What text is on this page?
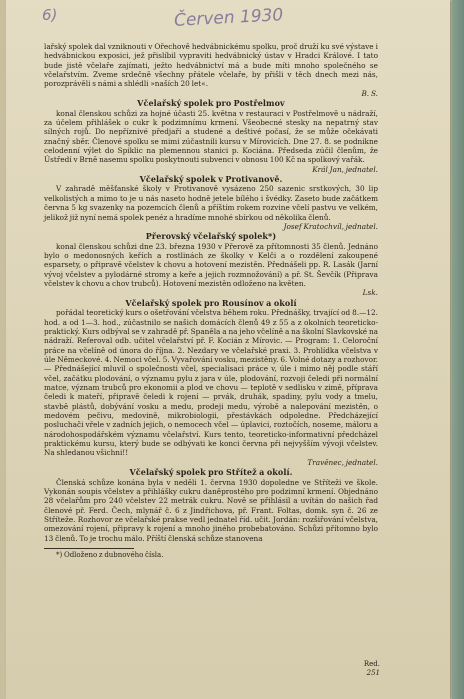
6)	Červen 1930

lařský spolek dal vzniknouti v Ořechově hedvábnickému spolku, proč druží ku své výstave i hedvábnickou exposici, jež přislíbil vypraviti hedvábnický ústav v Hradci Králové. I tato bude jistě včelaře zajímati, ježto hedvábnictví má a bude míti mnoho společného se včelařstvím. Zveme srdečně všechny přátele včelaře, by přišli v těch dnech mezi nás, porozprávěli s námi a shlédli »naších 20 let«.

B. S.

Včelařský spolek pro Postřelmov

konal členskou schůzi za hojné účasti 25. května v restauraci v Postřelmově u nádraží, za účelem přihlášek o cukr k podzimnímu krmení. Všeobecné stesky na nepatrný stav sílných rojů. Do nepříznivé předjaří a studené a deštivé počasí, že se může očekávati značný sběr. Členové spolku se mimi zúčastnili kursu v Mírovicích. Dne 27. 8. se podnikne celodenní výlet do Spiklic na plemennou stanici p. Kociána. Předseda zúčil členům, že Ústředí v Brně nasemu spolku poskytnouti subvenci v obnosu 100 Kč na spolkový vařák.

Král Jan, jednatel.

Včelařský spolek v Protivanově.

V zahradě měšťanské školy v Protivanově vysázeno 250 sazenic srstkových, 30 lip velkolistých a mimo to je u nás naseto hodně jetele bílého i švédky. Zaseto bude začátkem června 5 kg svazenky na pozemcích členů a příštím rokem rozvine včelí pastvu ve velkém, jelikož již nyní nemá spolek penéz a hradíme mnohé sbírkou od několika členů.

Josef Kratochvíl, jednatel.

Přerovský včelařský spolek*)

konal členskou schůzi dne 23. března 1930 v Přerově za přítomnosti 35 členů. Jednáno bylo o medonosných keřích a rostlinách ze školky v Kelči a o rozdělení zakoupené esparsety, o připravě včelstev k chovu a hotovení mezistěn. Přednášeli pp. R. Lasák (Jarní vývoj včelstev a pylodárné stromy a keře a jejich rozmnožování) a př. St. Ševčík (Připrava včelstev k chovu a chov trubců). Hotovení mezistěn odloženo na květen.

Lsk.

Včelařský spolek pro Rousínov a okolí

pořádal teoretický kurs o ošetřování včelstva během roku. Přednášky, trvající od 8.—12. hod. a od 1—3. hod., zúčastnilo se našich domácích členů 49 z 55 a z okolních teoreticko-praktický. Kurs odbýval se v zahradě př. Spaněla a na jeho včelíně a na školní Slavkovské na nádraží. Referoval odb. učitel včelařství př. F. Kocián z Mírovic. — Program: 1. Celoroční práce na včelíně od února do října. 2. Nezdary ve včelařské praxi. 3. Prohlídka včelstva v úle Německové. 4. Nemoci včel. 5. Vyvařování vosku, mezistěny. 6. Volné dotazy a rozhovor. — Přednášející mluvil o společnosti včel, specialisaci práce v, úle i mimo něj podle stáří včel, začátku plodování, o významu pylu z jara v úle, plodování, rozvoji čeledi při normální matce, význam trubců pro ekonomii a plod ve chovu — teplotě v sedlisku v zimě, příprava čeledi k mateří, připravě čeledi k rojení — prvák, druhák, spadiny, pylu vody a tmelu, stavbě plástů, dobývání vosku a medu, prodeji medu, výrobě a nalepování mezistěn, o medovém pečivu, medovině, mikrobiologii, přestávkách odpoledne. Předcházející posluchači vřele v zadních jejich, o nemocech včel — úplavici, roztočích, noseme, máloru a národohospodářském významu včelařství. Kurs tento, teoreticko-informativní předcházel praktickému kursu, který bude se odbývati ke konci června při nejvyšším vývoji včelstev. Na shledanou všichni!!

Travěnec, jednatel.

Včelařský spolek pro Střítež a okolí.

Členská schůze konána byla v neděli 1. června 1930 dopoledne ve Stříteži ve škole. Vykonán soupis včelstev a přihlášky cukru daněprostého pro podzimní krmení. Objednáno 28 včelařům pro 240 včelstev 22 metrák cukru. Nově se přihlásil a uvítán do našich řad členové př. Ferd. Čech, mlynář č. 6 z Jindřichova, př. Frant. Foltas, domk. syn č. 26 ze Stříteže. Rozhovor ze včelařské prakse vedl jednatel říd. učit. Jordán: rozšiřování včelstva, omezování rojení, připravy k rojení a mnoho jiného probebatováno. Schůzi přítomno bylo 13 členů. To je trochu málo. Příští členská schůze stanovena

*) Odloženo z dubnového čísla.

Red.
251
